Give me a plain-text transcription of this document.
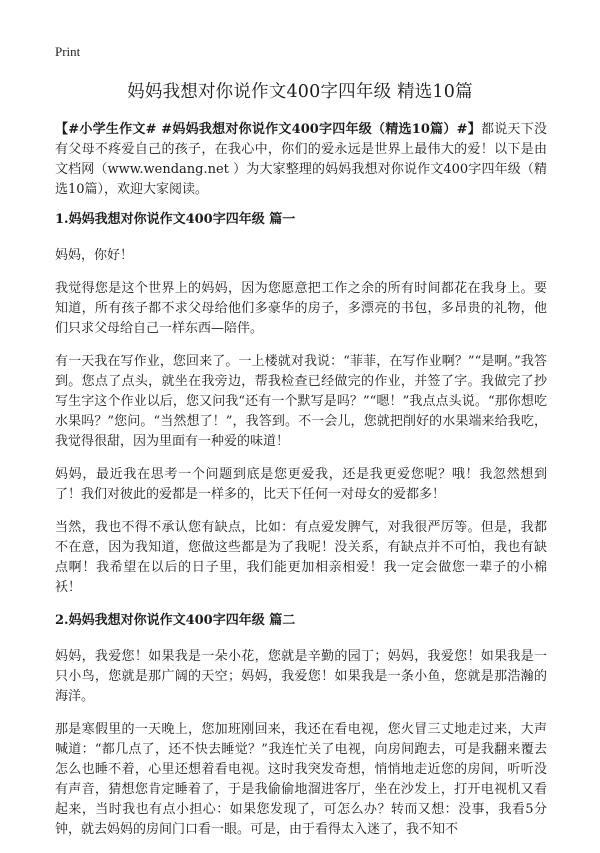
Print
妈妈我想对你说作文400字四年级 精选10篇

【#小学生作文# #妈妈我想对你说作文400字四年级（精选10篇）#】都说天下没有父母不疼爱自己的孩子，在我心中，你们的爱永远是世界上最伟大的爱！以下是由文档网（www.wendang.net ）为大家整理的妈妈我想对你说作文400字四年级（精选10篇），欢迎大家阅读。

1.妈妈我想对你说作文400字四年级 篇一

妈妈，你好！

我觉得您是这个世界上的妈妈，因为您愿意把工作之余的所有时间都花在我身上。要知道，所有孩子都不求父母给他们多豪华的房子，多漂亮的书包，多昂贵的礼物，他们只求父母给自己一样东西—陪伴。

有一天我在写作业，您回来了。一上楼就对我说：“菲菲，在写作业啊？”“是啊。”我答到。您点了点头，就坐在我旁边，帮我检查已经做完的作业，并签了字。我做完了抄写生字这个作业以后，您又问我“还有一个默写是吗？”“嗯！”我点点头说。“那你想吃水果吗？”您问。“当然想了！”，我答到。不一会儿，您就把削好的水果端来给我吃，我觉得很甜，因为里面有一种爱的味道！

妈妈，最近我在思考一个问题到底是您更爱我，还是我更爱您呢？哦！我忽然想到了！我们对彼此的爱都是一样多的，比天下任何一对母女的爱都多！

当然，我也不得不承认您有缺点，比如：有点爱发脾气，对我很严厉等。但是，我都不在意，因为我知道，您做这些都是为了我呢！没关系，有缺点并不可怕，我也有缺点啊！我希望在以后的日子里，我们能更加相亲相爱！我一定会做您一辈子的小棉袄！

2.妈妈我想对你说作文400字四年级 篇二

妈妈，我爱您！如果我是一朵小花，您就是辛勤的园丁；妈妈，我爱您！如果我是一只小鸟，您就是那广阔的天空；妈妈，我爱您！如果我是一条小鱼，您就是那浩瀚的海洋。

那是寒假里的一天晚上，您加班刚回来，我还在看电视，您火冒三丈地走过来，大声喊道：“都几点了，还不快去睡觉？”我连忙关了电视，向房间跑去，可是我翻来覆去怎么也睡不着，心里还想着看电视。这时我突发奇想，悄悄地走近您的房间，听听没有声音，猜想您肯定睡着了，于是我偷偷地溜进客厅，坐在沙发上，打开电视机又看起来，当时我也有点小担心：如果您发现了，可怎么办？转而又想：没事，我看5分钟，就去妈妈的房间门口看一眼。可是，由于看得太入迷了，我不知不
